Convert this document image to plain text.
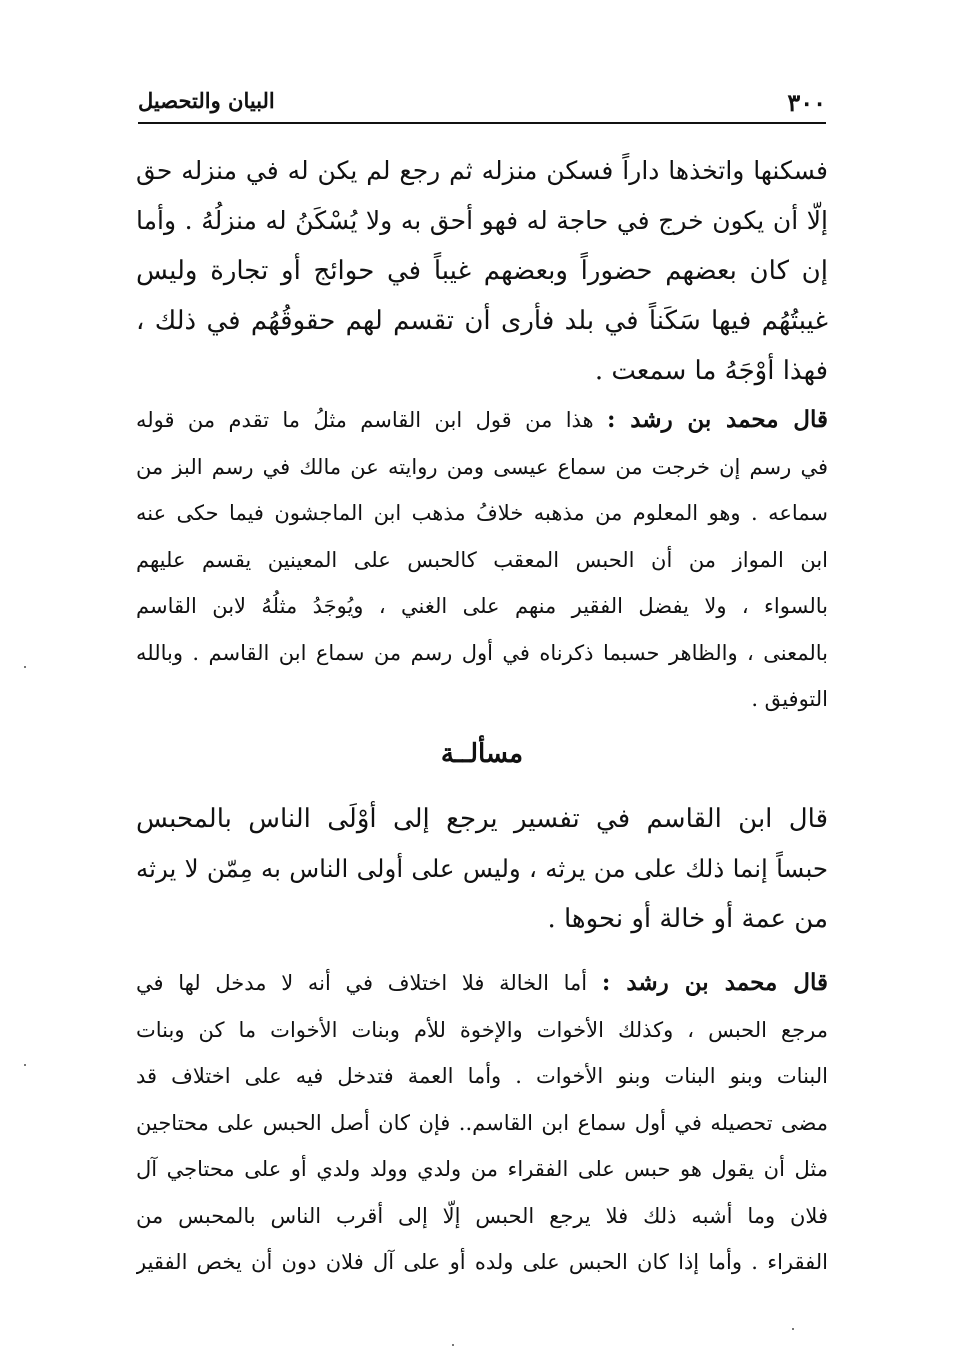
٣٠٠
البيان والتحصيل
فسكنها واتخذها داراً فسكن منزله ثم رجع لم يكن له في منزله حق
إلّا أن يكون خرج في حاجة له فهو أحق به ولا يُسْكَنُ له منزلُهُ . وأما
إن كان بعضهم حضوراً وبعضهم غيباً في حوائج أو تجارة وليس
غيبتُهُم فيها سَكَناً في بلد فأرى أن تقسم لهم حقوقُهُم في ذلك ،
فهذا أوْجَهُ ما سمعت .
قال محمد بن رشد : هذا من قول ابن القاسم مثلُ ما تقدم من قوله
في رسم إن خرجت من سماع عيسى ومن روايته عن مالك في رسم البز من
سماعه . وهو المعلوم من مذهبه خلافُ مذهب ابن الماجشون فيما حكى عنه
ابن المواز من أن الحبس المعقب كالحبس على المعينين يقسم عليهم
بالسواء ، ولا يفضل الفقير منهم على الغني ، ويُوجَدُ مثلُهُ لابن القاسم
بالمعنى ، والظاهر حسبما ذكرناه في أول رسم من سماع ابن القاسم . وبالله
التوفيق .
مسألــة
قال ابن القاسم في تفسير يرجع إلى أوْلَى الناس بالمحبس
حبساً إنما ذلك على من يرثه ، وليس على أولى الناس به مِمّن لا يرثه
من عمة أو خالة أو نحوها .
قال محمد بن رشد : أما الخالة فلا اختلاف في أنه لا مدخل لها في
مرجع الحبس ، وكذلك الأخوات والإخوة للأم وبنات الأخوات ما كن وبنات
البنات وبنو البنات وبنو الأخوات . وأما العمة فتدخل فيه على اختلاف قد
مضى تحصيله في أول سماع ابن القاسم.. فإن كان أصل الحبس على محتاجين
مثل أن يقول هو حبس على الفقراء من ولدي وولد ولدي أو على محتاجي آل
فلان وما أشبه ذلك فلا يرجع الحبس إلّا إلى أقرب الناس بالمحبس من
الفقراء . وأما إذا كان الحبس على ولده أو على آل فلان دون أن يخص الفقير
